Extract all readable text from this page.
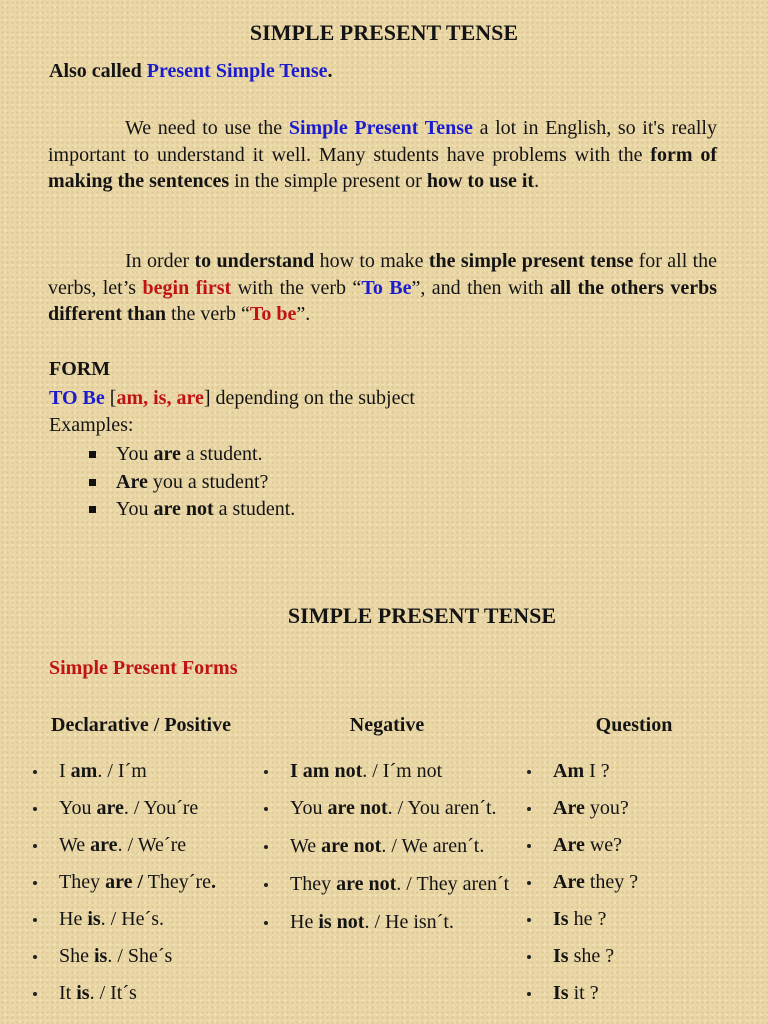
SIMPLE PRESENT TENSE
Also called Present Simple Tense.

We need to use the Simple Present Tense a lot in English, so it's really important to understand it well. Many students have problems with the form of making the sentences in the simple present or how to use it.

In order to understand how to make the simple present tense for all the verbs, let’s begin first with the verb “To Be”, and then with all the others verbs different than the verb “To be”.

FORM
TO Be [am, is, are] depending on the subject
Examples:
You are a student.
Are you a student?
You are not a student.
SIMPLE PRESENT TENSE
Simple Present Forms
Declarative / Positive	Negative	Question
I am. / I´m
You are. / You´re
We are. / We´re
They are / They´re.
He is. / He´s.
She is. / She´s
It is. / It´s
I am not. / I´m not
You are not. / You aren´t.
We are not. / We aren´t.
They are not. / They aren´t
He is not. / He isn´t.
Am I ?
Are you?
Are we?
Are they ?
Is he ?
Is she ?
Is it ?
